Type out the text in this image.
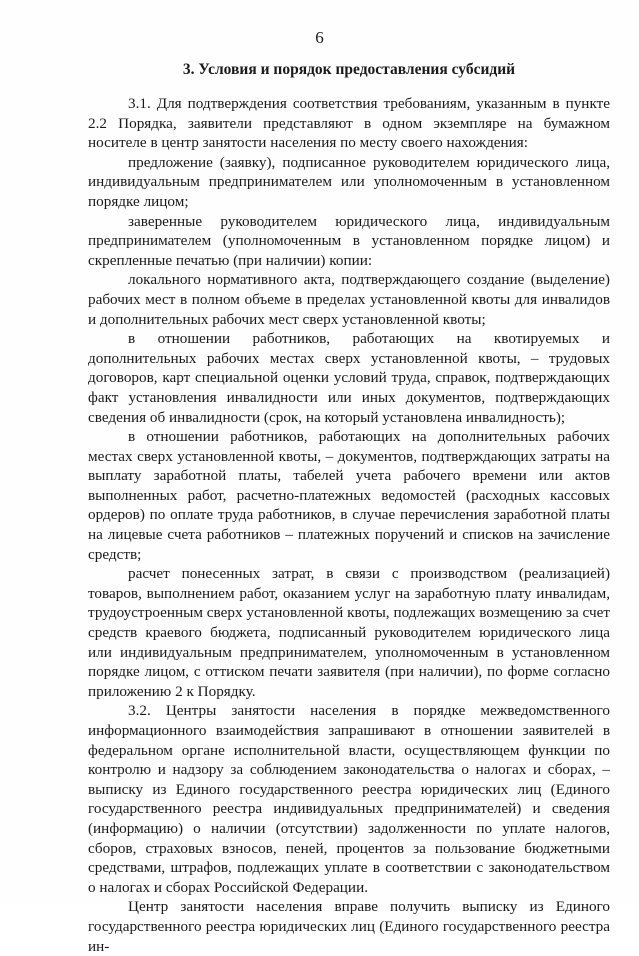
6
3. Условия и порядок предоставления субсидий

3.1. Для подтверждения соответствия требованиям, указанным в пункте 2.2 Порядка, заявители представляют в одном экземпляре на бумажном носителе в центр занятости населения по месту своего нахождения:

предложение (заявку), подписанное руководителем юридического лица, индивидуальным предпринимателем или уполномоченным в установленном порядке лицом;

заверенные руководителем юридического лица, индивидуальным предпринимателем (уполномоченным в установленном порядке лицом) и скрепленные печатью (при наличии) копии:

локального нормативного акта, подтверждающего создание (выделение) рабочих мест в полном объеме в пределах установленной квоты для инвалидов и дополнительных рабочих мест сверх установленной квоты;

в отношении работников, работающих на квотируемых и дополнительных рабочих местах сверх установленной квоты, – трудовых договоров, карт специальной оценки условий труда, справок, подтверждающих факт установления инвалидности или иных документов, подтверждающих сведения об инвалидности (срок, на который установлена инвалидность);

в отношении работников, работающих на дополнительных рабочих местах сверх установленной квоты, – документов, подтверждающих затраты на выплату заработной платы, табелей учета рабочего времени или актов выполненных работ, расчетно-платежных ведомостей (расходных кассовых ордеров) по оплате труда работников, в случае перечисления заработной платы на лицевые счета работников – платежных поручений и списков на зачисление средств;

расчет понесенных затрат, в связи с производством (реализацией) товаров, выполнением работ, оказанием услуг на заработную плату инвалидам, трудоустроенным сверх установленной квоты, подлежащих возмещению за счет средств краевого бюджета, подписанный руководителем юридического лица или индивидуальным предпринимателем, уполномоченным в установленном порядке лицом, с оттиском печати заявителя (при наличии), по форме согласно приложению 2 к Порядку.

3.2. Центры занятости населения в порядке межведомственного информационного взаимодействия запрашивают в отношении заявителей в федеральном органе исполнительной власти, осуществляющем функции по контролю и надзору за соблюдением законодательства о налогах и сборах, – выписку из Единого государственного реестра юридических лиц (Единого государственного реестра индивидуальных предпринимателей) и сведения (информацию) о наличии (отсутствии) задолженности по уплате налогов, сборов, страховых взносов, пеней, процентов за пользование бюджетными средствами, штрафов, подлежащих уплате в соответствии с законодательством о налогах и сборах Российской Федерации.

Центр занятости населения вправе получить выписку из Единого государственного реестра юридических лиц (Единого государственного реестра ин-
